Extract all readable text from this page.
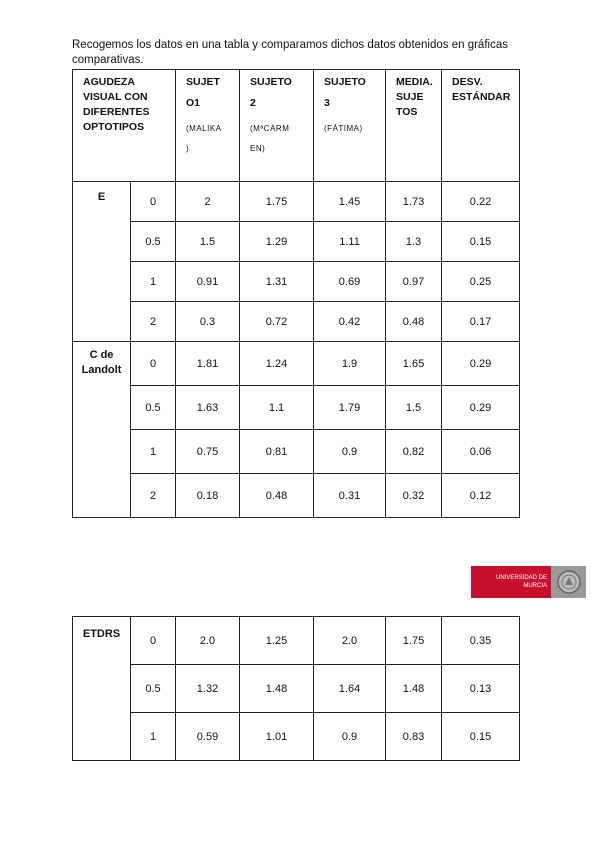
Recogemos los datos en una tabla y comparamos dichos datos obtenidos en gráficas comparativas.
AGUDEZA
VISUAL CON
DIFERENTES
OPTOTIPOS		SUJET
O1
(MALIKA
)	SUJETO
2
(MªCARM
EN)	SUJETO
3
(FÁTIMA)	MEDIA.
SUJE
TOS	DESV.
ESTÁNDAR
E	0	2	1.75	1.45	1.73	0.22
	0.5	1.5	1.29	1.11	1.3	0.15
	1	0.91	1.31	0.69	0.97	0.25
	2	0.3	0.72	0.42	0.48	0.17
C de
Landolt	0	1.81	1.24	1.9	1.65	0.29
	0.5	1.63	1.1	1.79	1.5	0.29
	1	0.75	0.81	0.9	0.82	0.06
	2	0.18	0.48	0.31	0.32	0.12
UNIVERSIDAD DE
MURCIA
ETDRS	0	2.0	1.25	2.0	1.75	0.35
	0.5	1.32	1.48	1.64	1.48	0.13
	1	0.59	1.01	0.9	0.83	0.15
